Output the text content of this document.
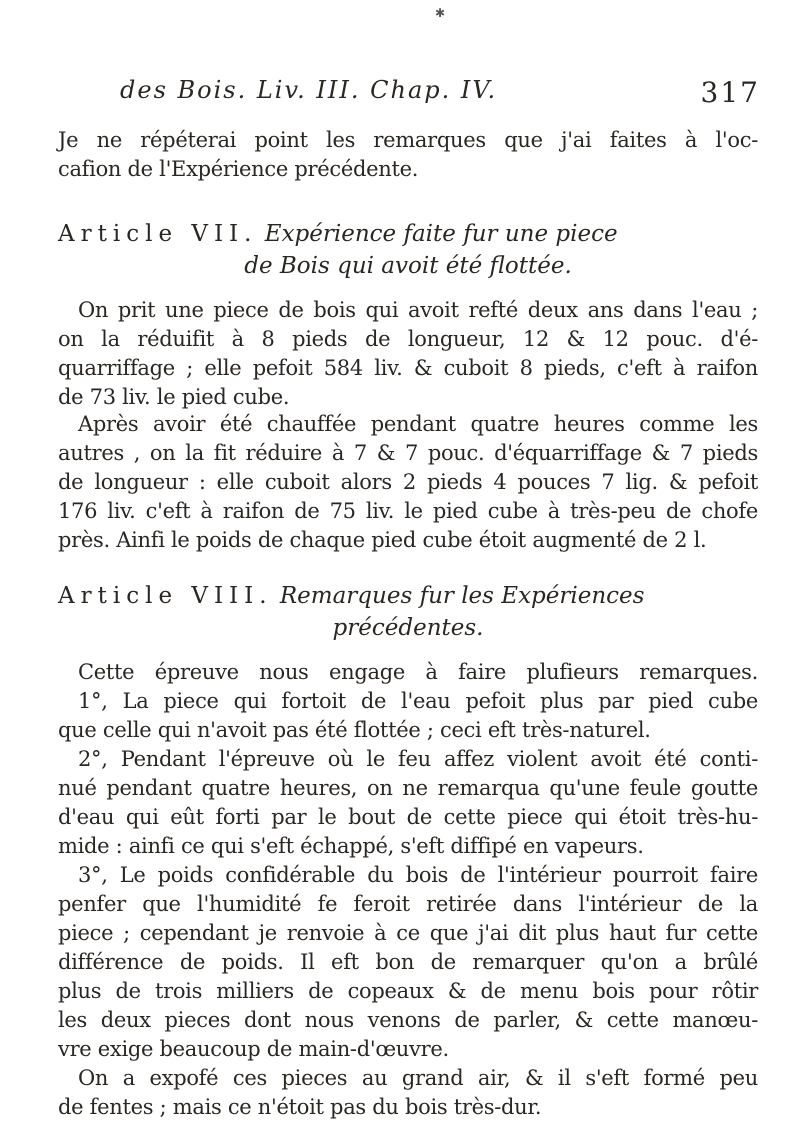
✱
des Bois. Liv. III. Chap. IV.	317
Je ne répéterai point les remarques que j'ai faites à l'oc-
cafion de l'Expérience précédente.
Article VII. Expérience faite fur une piece
de Bois qui avoit été flottée.
On prit une piece de bois qui avoit refté deux ans dans l'eau ;
on la réduifit à 8 pieds de longueur, 12 & 12 pouc. d'é-
quarriffage ; elle pefoit 584 liv. & cuboit 8 pieds, c'eft à raifon
de 73 liv. le pied cube.
Après avoir été chauffée pendant quatre heures comme les
autres , on la fit réduire à 7 & 7 pouc. d'équarriffage & 7 pieds
de longueur : elle cuboit alors 2 pieds 4 pouces 7 lig. & pefoit
176 liv. c'eft à raifon de 75 liv. le pied cube à très-peu de chofe
près. Ainfi le poids de chaque pied cube étoit augmenté de 2 l.
Article VIII. Remarques fur les Expériences
précédentes.
Cette épreuve nous engage à faire plufieurs remarques.
1°, La piece qui fortoit de l'eau pefoit plus par pied cube
que celle qui n'avoit pas été flottée ; ceci eft très-naturel.
2°, Pendant l'épreuve où le feu affez violent avoit été conti-
nué pendant quatre heures, on ne remarqua qu'une feule goutte
d'eau qui eût forti par le bout de cette piece qui étoit très-hu-
mide : ainfi ce qui s'eft échappé, s'eft diffipé en vapeurs.
3°, Le poids confidérable du bois de l'intérieur pourroit faire
penfer que l'humidité fe feroit retirée dans l'intérieur de la
piece ; cependant je renvoie à ce que j'ai dit plus haut fur cette
différence de poids. Il eft bon de remarquer qu'on a brûlé
plus de trois milliers de copeaux & de menu bois pour rôtir
les deux pieces dont nous venons de parler, & cette manœu-
vre exige beaucoup de main-d'œuvre.
On a expofé ces pieces au grand air, & il s'eft formé peu
de fentes ; mais ce n'étoit pas du bois très-dur.
